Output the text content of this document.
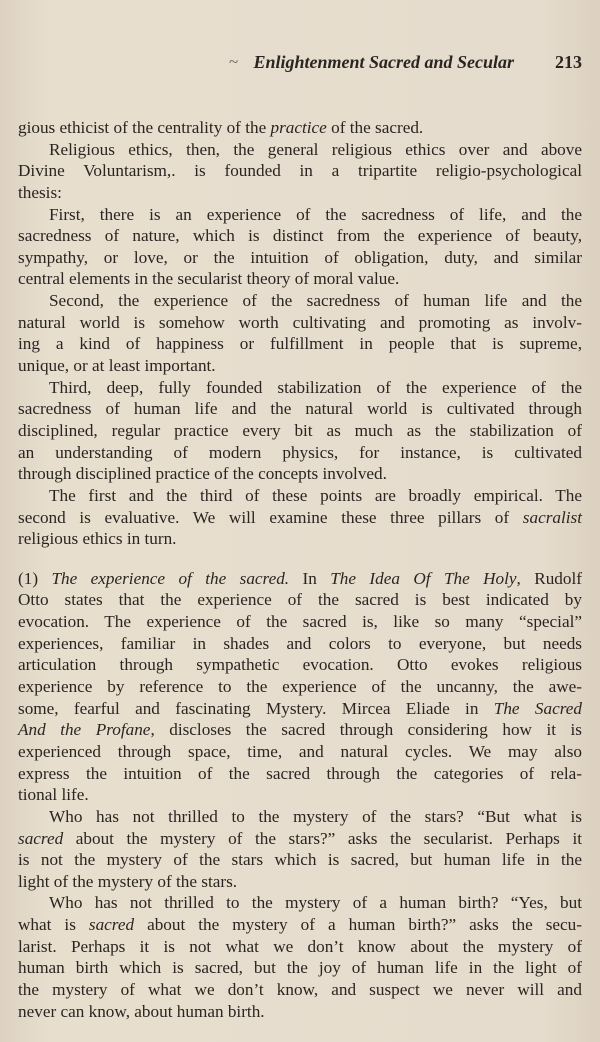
~ Enlightenment Sacred and Secular 213
gious ethicist of the centrality of the practice of the sacred.
Religious ethics, then, the general religious ethics over and above
Divine Voluntarism,. is founded in a tripartite religio-psychological
thesis:
First, there is an experience of the sacredness of life, and the
sacredness of nature, which is distinct from the experience of beauty,
sympathy, or love, or the intuition of obligation, duty, and similar
central elements in the secularist theory of moral value.
Second, the experience of the sacredness of human life and the
natural world is somehow worth cultivating and promoting as involv-
ing a kind of happiness or fulfillment in people that is supreme,
unique, or at least important.
Third, deep, fully founded stabilization of the experience of the
sacredness of human life and the natural world is cultivated through
disciplined, regular practice every bit as much as the stabilization of
an understanding of modern physics, for instance, is cultivated
through disciplined practice of the concepts involved.
The first and the third of these points are broadly empirical. The
second is evaluative. We will examine these three pillars of sacralist
religious ethics in turn.
(1) The experience of the sacred. In The Idea Of The Holy, Rudolf
Otto states that the experience of the sacred is best indicated by
evocation. The experience of the sacred is, like so many “special”
experiences, familiar in shades and colors to everyone, but needs
articulation through sympathetic evocation. Otto evokes religious
experience by reference to the experience of the uncanny, the awe-
some, fearful and fascinating Mystery. Mircea Eliade in The Sacred
And the Profane, discloses the sacred through considering how it is
experienced through space, time, and natural cycles. We may also
express the intuition of the sacred through the categories of rela-
tional life.
Who has not thrilled to the mystery of the stars? “But what is
sacred about the mystery of the stars?” asks the secularist. Perhaps it
is not the mystery of the stars which is sacred, but human life in the
light of the mystery of the stars.
Who has not thrilled to the mystery of a human birth? “Yes, but
what is sacred about the mystery of a human birth?” asks the secu-
larist. Perhaps it is not what we don’t know about the mystery of
human birth which is sacred, but the joy of human life in the light of
the mystery of what we don’t know, and suspect we never will and
never can know, about human birth.
